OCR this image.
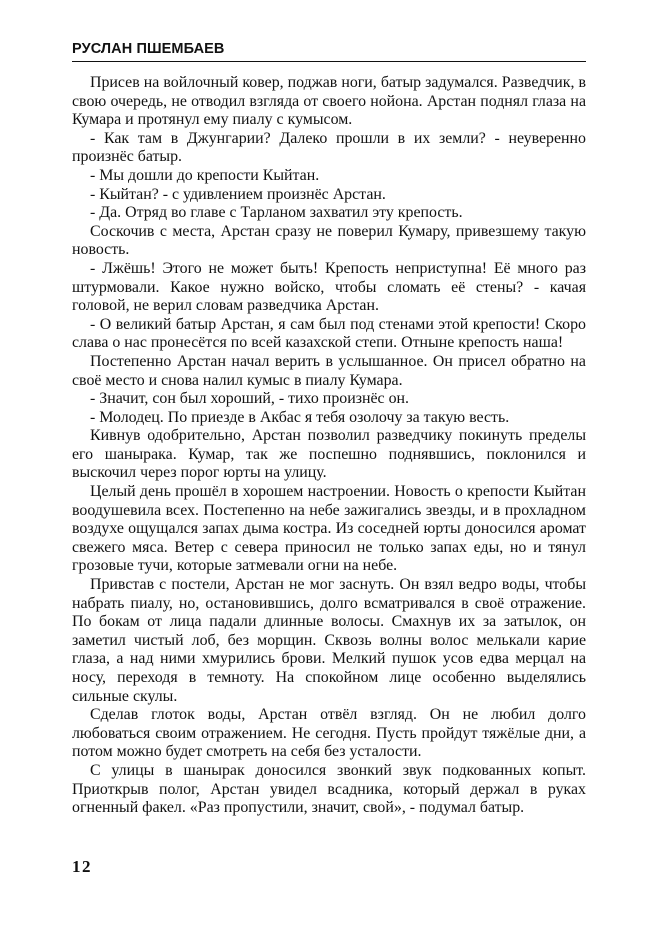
РУСЛАН ПШЕМБАЕВ

Присев на войлочный ковер, поджав ноги, батыр задумался. Разведчик, в свою очередь, не отводил взгляда от своего нойона. Арстан поднял глаза на Кумара и протянул ему пиалу с кумысом.

- Как там в Джунгарии? Далеко прошли в их земли? - неуверенно произнёс батыр.

- Мы дошли до крепости Кыйтан.

- Кыйтан? - с удивлением произнёс Арстан.

- Да. Отряд во главе с Тарланом захватил эту крепость.

Соскочив с места, Арстан сразу не поверил Кумару, привезшему такую новость.

- Лжёшь! Этого не может быть! Крепость неприступна! Её много раз штурмовали. Какое нужно войско, чтобы сломать её стены? - качая головой, не верил словам разведчика Арстан.

- О великий батыр Арстан, я сам был под стенами этой крепости! Скоро слава о нас пронесётся по всей казахской степи. Отныне крепость наша!

Постепенно Арстан начал верить в услышанное. Он присел обратно на своё место и снова налил кумыс в пиалу Кумара.

- Значит, сон был хороший, - тихо произнёс он.

- Молодец. По приезде в Акбас я тебя озолочу за такую весть.

Кивнув одобрительно, Арстан позволил разведчику покинуть пределы его шанырака. Кумар, так же поспешно поднявшись, поклонился и выскочил через порог юрты на улицу.

Целый день прошёл в хорошем настроении. Новость о крепости Кыйтан воодушевила всех. Постепенно на небе зажигались звезды, и в прохладном воздухе ощущался запах дыма костра. Из соседней юрты доносился аромат свежего мяса. Ветер с севера приносил не только запах еды, но и тянул грозовые тучи, которые затмевали огни на небе.

Привстав с постели, Арстан не мог заснуть. Он взял ведро воды, чтобы набрать пиалу, но, остановившись, долго всматривался в своё отражение. По бокам от лица падали длинные волосы. Смахнув их за затылок, он заметил чистый лоб, без морщин. Сквозь волны волос мелькали карие глаза, а над ними хмурились брови. Мелкий пушок усов едва мерцал на носу, переходя в темноту. На спокойном лице особенно выделялись сильные скулы.

Сделав глоток воды, Арстан отвёл взгляд. Он не любил долго любоваться своим отражением. Не сегодня. Пусть пройдут тяжёлые дни, а потом можно будет смотреть на себя без усталости.

С улицы в шанырак доносился звонкий звук подкованных копыт. Приоткрыв полог, Арстан увидел всадника, который держал в руках огненный факел. «Раз пропустили, значит, свой», - подумал батыр.

12
